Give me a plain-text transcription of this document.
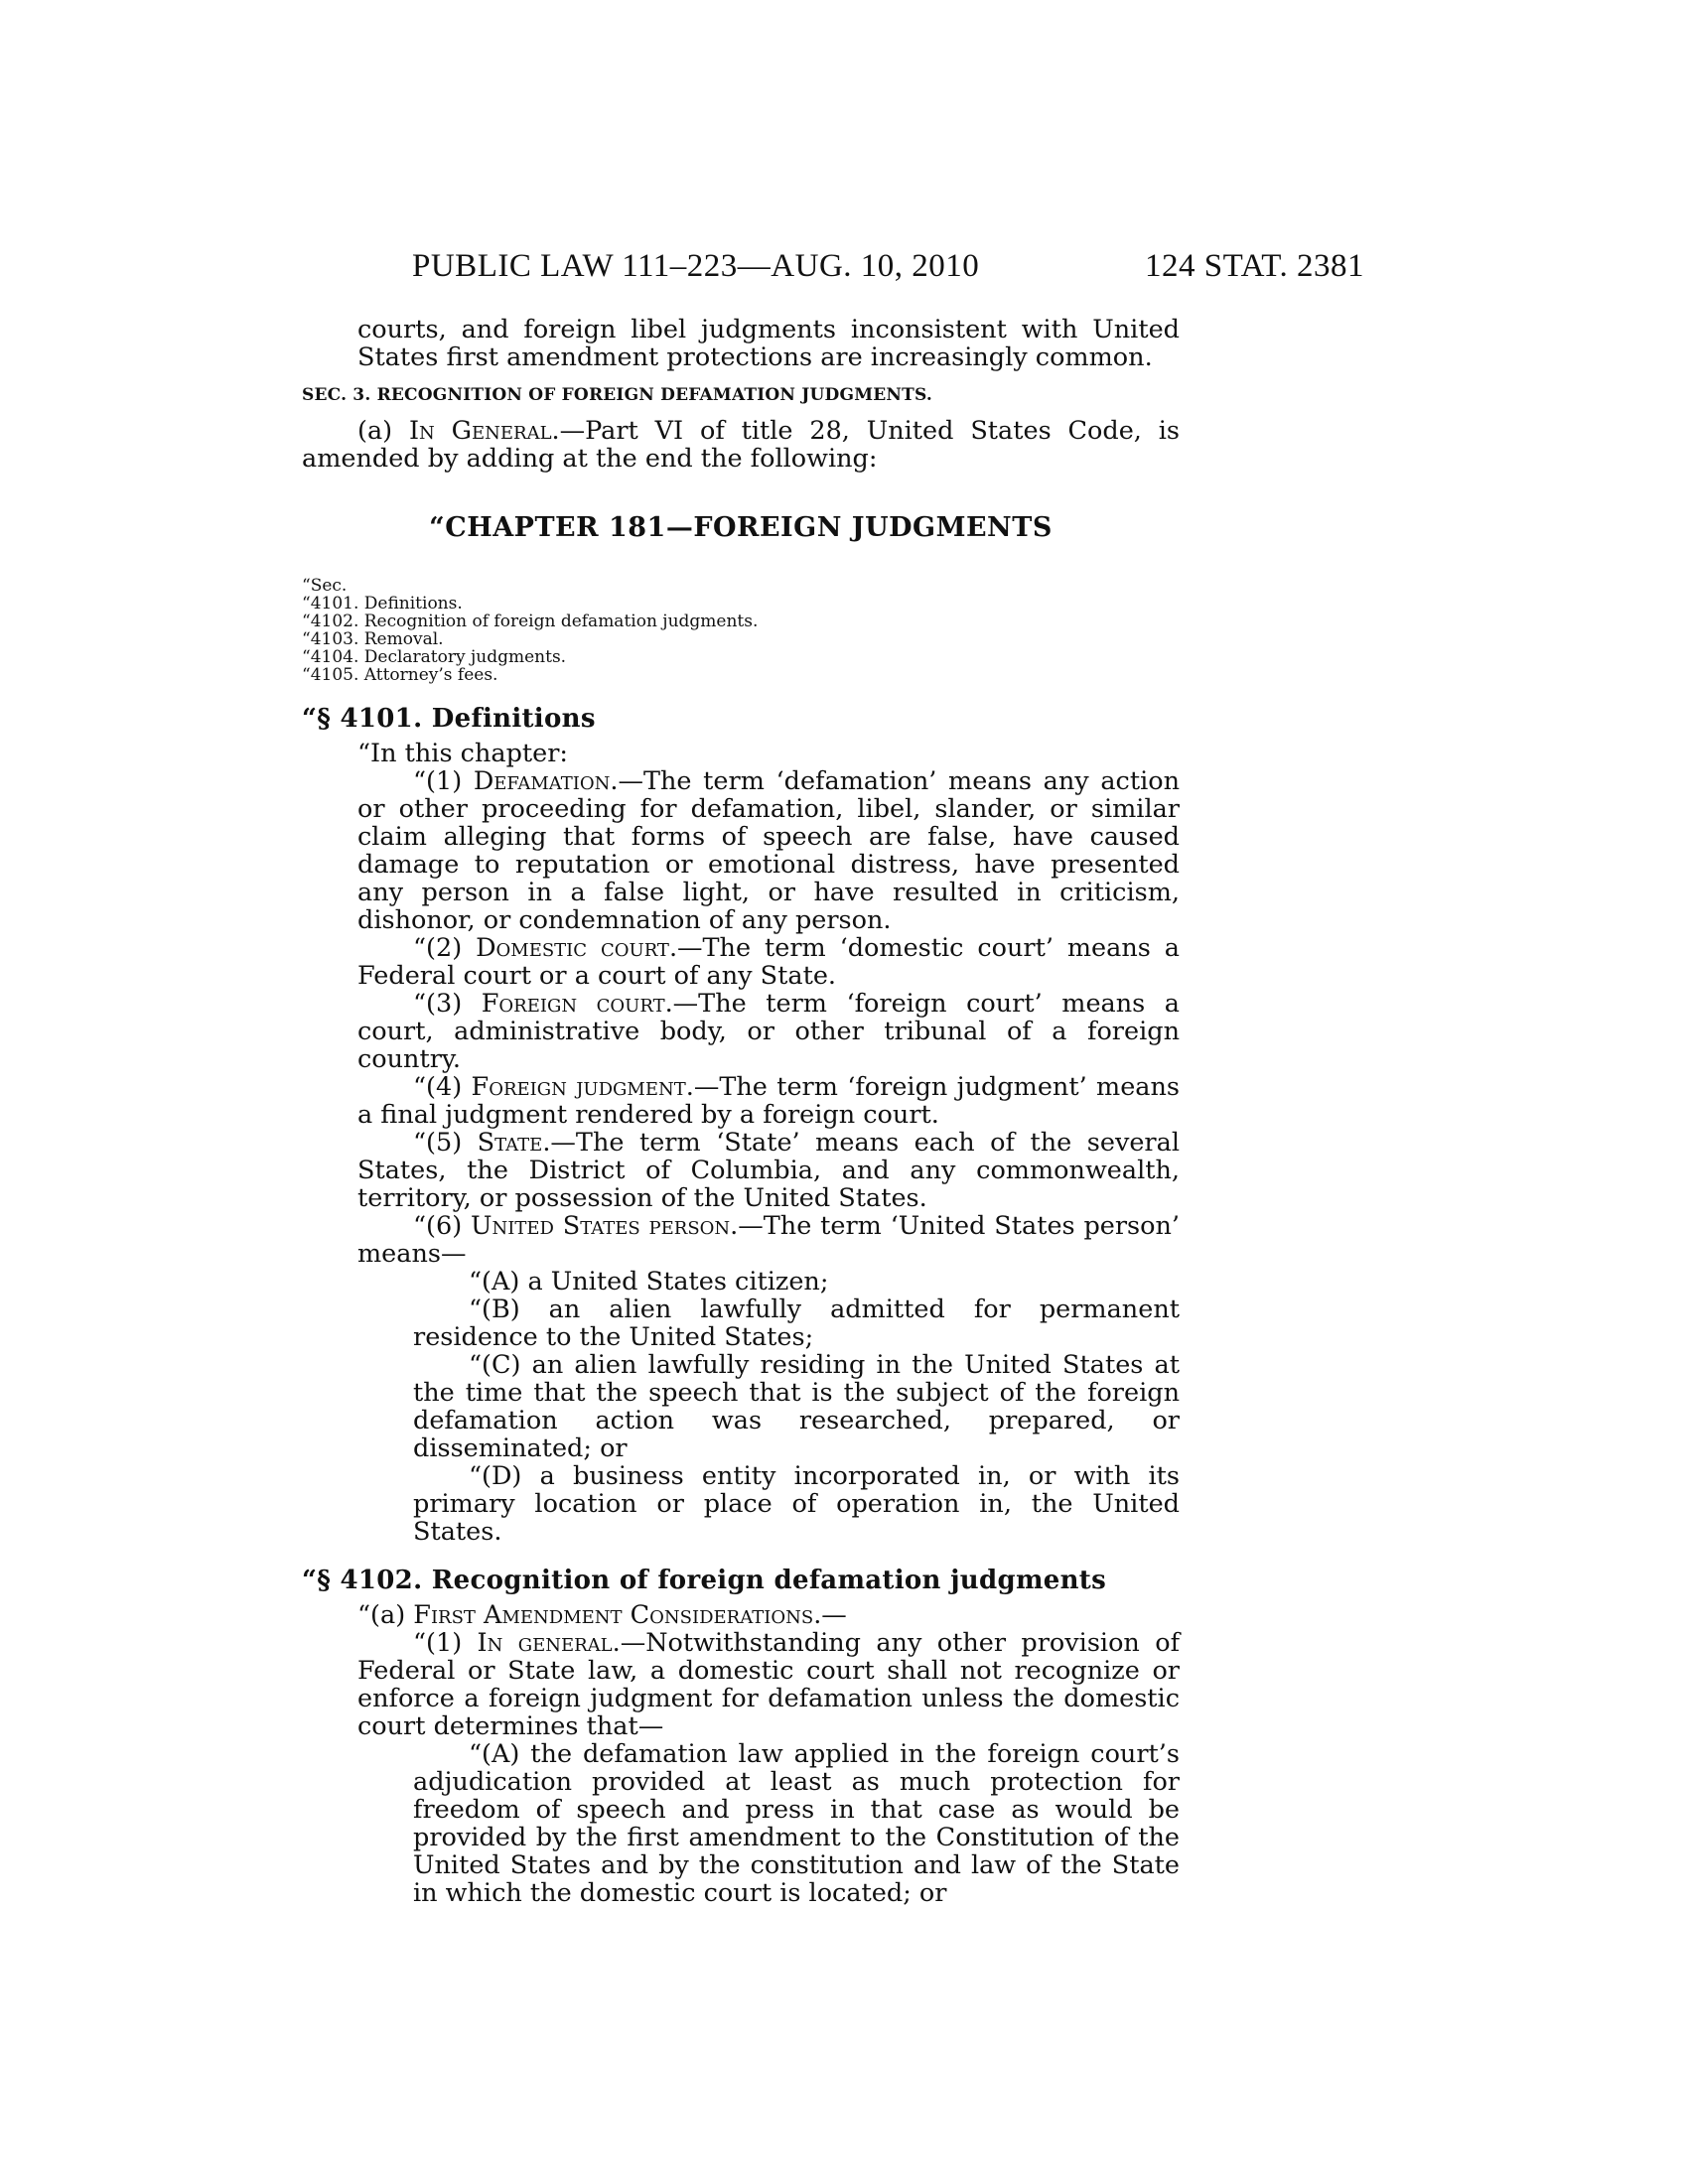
PUBLIC LAW 111–223—AUG. 10, 2010	124 STAT. 2381

courts, and foreign libel judgments inconsistent with United States first amendment protections are increasingly common.

SEC. 3. RECOGNITION OF FOREIGN DEFAMATION JUDGMENTS.

(a) In General.—Part VI of title 28, United States Code, is amended by adding at the end the following:

“CHAPTER 181—FOREIGN JUDGMENTS

“Sec.

“4101. Definitions.

“4102. Recognition of foreign defamation judgments.

“4103. Removal.

“4104. Declaratory judgments.

“4105. Attorney’s fees.

“§ 4101. Definitions

“In this chapter:

“(1) Defamation.—The term ‘defamation’ means any action or other proceeding for defamation, libel, slander, or similar claim alleging that forms of speech are false, have caused damage to reputation or emotional distress, have presented any person in a false light, or have resulted in criticism, dishonor, or condemnation of any person.

“(2) Domestic court.—The term ‘domestic court’ means a Federal court or a court of any State.

“(3) Foreign court.—The term ‘foreign court’ means a court, administrative body, or other tribunal of a foreign country.

“(4) Foreign judgment.—The term ‘foreign judgment’ means a final judgment rendered by a foreign court.

“(5) State.—The term ‘State’ means each of the several States, the District of Columbia, and any commonwealth, territory, or possession of the United States.

“(6) United States person.—The term ‘United States person’ means—

“(A) a United States citizen;

“(B) an alien lawfully admitted for permanent residence to the United States;

“(C) an alien lawfully residing in the United States at the time that the speech that is the subject of the foreign defamation action was researched, prepared, or disseminated; or

“(D) a business entity incorporated in, or with its primary location or place of operation in, the United States.

“§ 4102. Recognition of foreign defamation judgments

“(a) First Amendment Considerations.—

“(1) In general.—Notwithstanding any other provision of Federal or State law, a domestic court shall not recognize or enforce a foreign judgment for defamation unless the domestic court determines that—

“(A) the defamation law applied in the foreign court’s adjudication provided at least as much protection for freedom of speech and press in that case as would be provided by the first amendment to the Constitution of the United States and by the constitution and law of the State in which the domestic court is located; or
